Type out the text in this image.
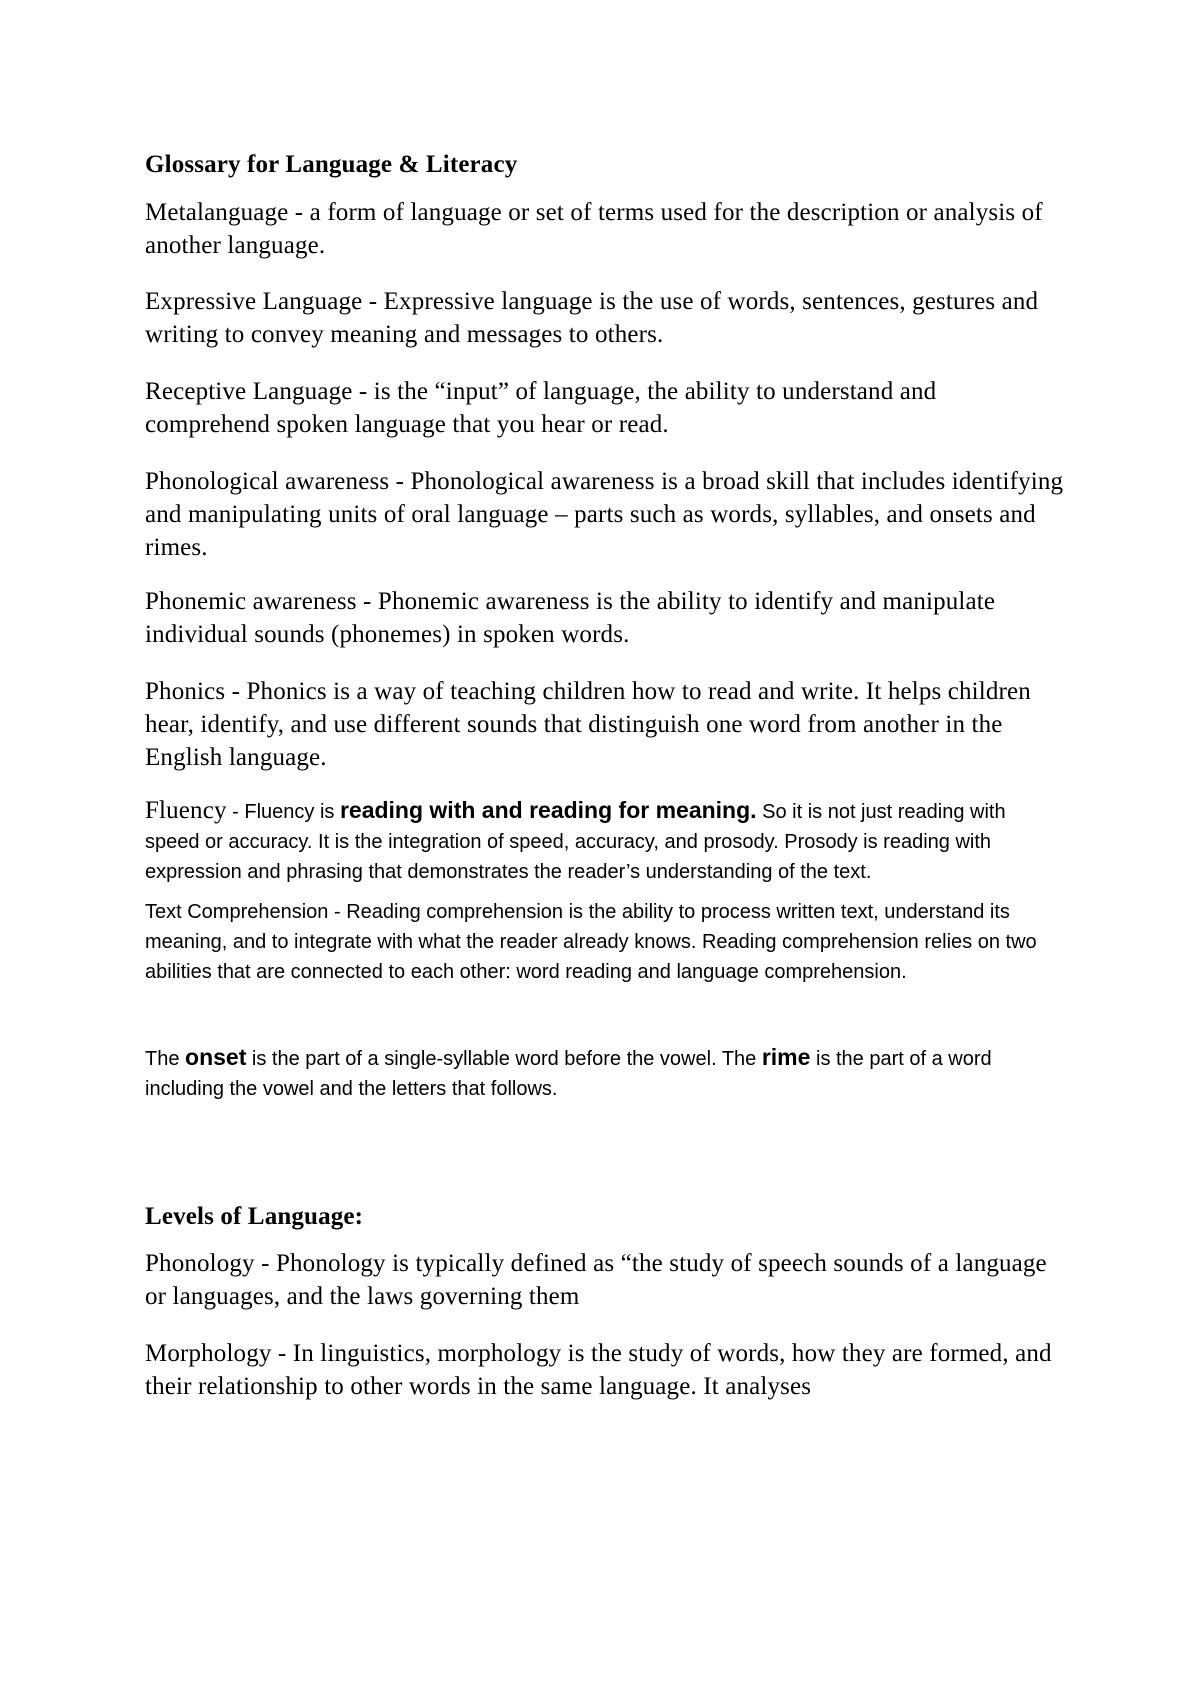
Glossary for Language & Literacy

Metalanguage - a form of language or set of terms used for the description or analysis of another language.

Expressive Language - Expressive language is the use of words, sentences, gestures and writing to convey meaning and messages to others.

Receptive Language - is the “input” of language, the ability to understand and comprehend spoken language that you hear or read.

Phonological awareness - Phonological awareness is a broad skill that includes identifying and manipulating units of oral language – parts such as words, syllables, and onsets and rimes.

Phonemic awareness - Phonemic awareness is the ability to identify and manipulate individual sounds (phonemes) in spoken words.

Phonics - Phonics is a way of teaching children how to read and write. It helps children hear, identify, and use different sounds that distinguish one word from another in the English language.

Fluency - Fluency is reading with and reading for meaning. So it is not just reading with speed or accuracy. It is the integration of speed, accuracy, and prosody. Prosody is reading with expression and phrasing that demonstrates the reader’s understanding of the text.

Text Comprehension - Reading comprehension is the ability to process written text, understand its meaning, and to integrate with what the reader already knows. Reading comprehension relies on two abilities that are connected to each other: word reading and language comprehension.

The onset is the part of a single-syllable word before the vowel. The rime is the part of a word including the vowel and the letters that follows.

Levels of Language:

Phonology - Phonology is typically defined as “the study of speech sounds of a language or languages, and the laws governing them

Morphology - In linguistics, morphology is the study of words, how they are formed, and their relationship to other words in the same language. It analyses
